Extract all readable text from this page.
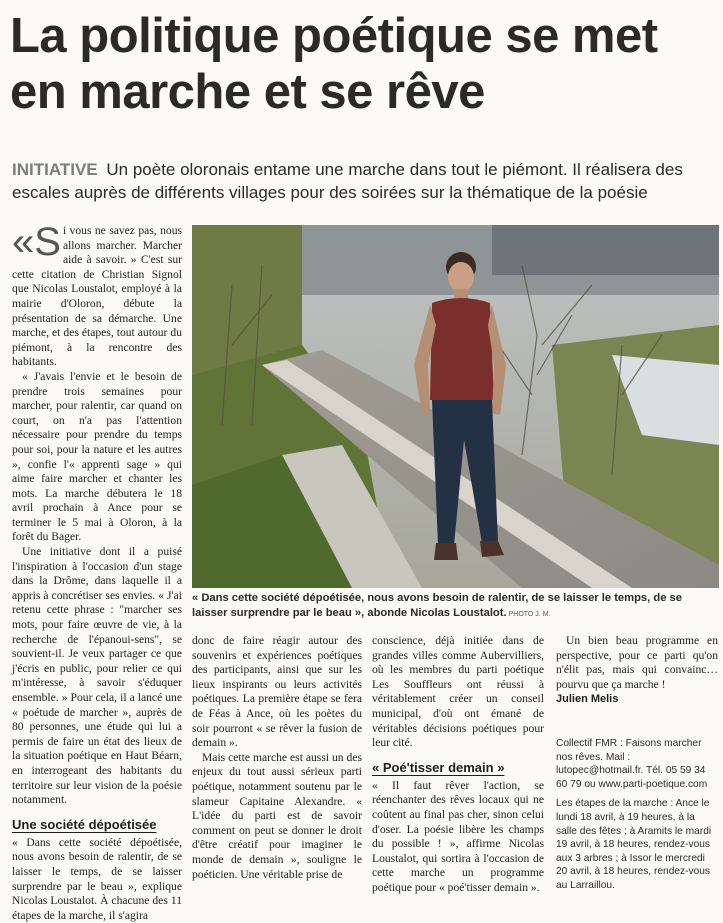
La politique poétique se met en marche et se rêve

INITIATIVE Un poète oloronais entame une marche dans tout le piémont. Il réalisera des escales auprès de différents villages pour des soirées sur la thématique de la poésie

«Si vous ne savez pas, nous allons marcher. Marcher aide à savoir. » C'est sur cette citation de Christian Signol que Nicolas Loustalot, employé à la mairie d'Oloron, débute la présentation de sa démarche. Une marche, et des étapes, tout autour du piémont, à la rencontre des habitants.

« J'avais l'envie et le besoin de prendre trois semaines pour marcher, pour ralentir, car quand on court, on n'a pas l'attention nécessaire pour prendre du temps pour soi, pour la nature et les autres », confie l'« apprenti sage » qui aime faire marcher et chanter les mots. La marche débutera le 18 avril prochain à Ance pour se terminer le 5 mai à Oloron, à la forêt du Bager.

Une initiative dont il a puisé l'inspiration à l'occasion d'un stage dans la Drôme, dans laquelle il a appris à concrétiser ses envies. « J'ai retenu cette phrase : "marcher ses mots, pour faire œuvre de vie, à la recherche de l'épanoui-sens", se souvient-il. Je veux partager ce que j'écris en public, pour relier ce qui m'intéresse, à savoir s'éduquer ensemble. » Pour cela, il a lancé une « poétude de marcher », auprès de 80 personnes, une étude qui lui a permis de faire un état des lieux de la situation poétique en Haut Béarn, en interrogeant des habitants du territoire sur leur vision de la poésie notamment.

Une société dépoétisée

« Dans cette société dépoétisée, nous avons besoin de ralentir, de se laisser le temps, de se laisser surprendre par le beau », explique Nicolas Loustalot. À chacune des 11 étapes de la marche, il s'agira

« Dans cette société dépoétisée, nous avons besoin de ralentir, de se laisser le temps, de se laisser surprendre par le beau », abonde Nicolas Loustalot. PHOTO J. M.

donc de faire réagir autour des souvenirs et expériences poétiques des participants, ainsi que sur les lieux inspirants ou leurs activités poétiques. La première étape se fera de Féas à Ance, où les poètes du soir pourront « se rêver la fusion de demain ».

Mais cette marche est aussi un des enjeux du tout aussi sérieux parti poétique, notamment soutenu par le slameur Capitaine Alexandre. « L'idée du parti est de savoir comment on peut se donner le droit d'être créatif pour imaginer le monde de demain », souligne le poéticien. Une véritable prise de

conscience, déjà initiée dans de grandes villes comme Aubervilliers, où les membres du parti poétique Les Souffleurs ont réussi à véritablement créer un conseil municipal, d'où ont émané de véritables décisions poétiques pour leur cité.

« Poé'tisser demain »

« Il faut rêver l'action, se réenchanter des rêves locaux qui ne coûtent au final pas cher, sinon celui d'oser. La poésie libère les champs du possible ! », affirme Nicolas Loustalot, qui sortira à l'occasion de cette marche un programme poétique pour « poé'tisser demain ».

Un bien beau programme en perspective, pour ce parti qu'on n'élit pas, mais qui convainc… pourvu que ça marche !

Julien Melis

Collectif FMR : Faisons marcher nos rêves. Mail : lutopec@hotmail.fr. Tél. 05 59 34 60 79 ou www.parti-poetique.com

Les étapes de la marche : Ance le lundi 18 avril, à 19 heures, à la salle des fêtes ; à Aramits le mardi 19 avril, à 18 heures, rendez-vous aux 3 arbres ; à Issor le mercredi 20 avril, à 18 heures, rendez-vous au Larraillou.
